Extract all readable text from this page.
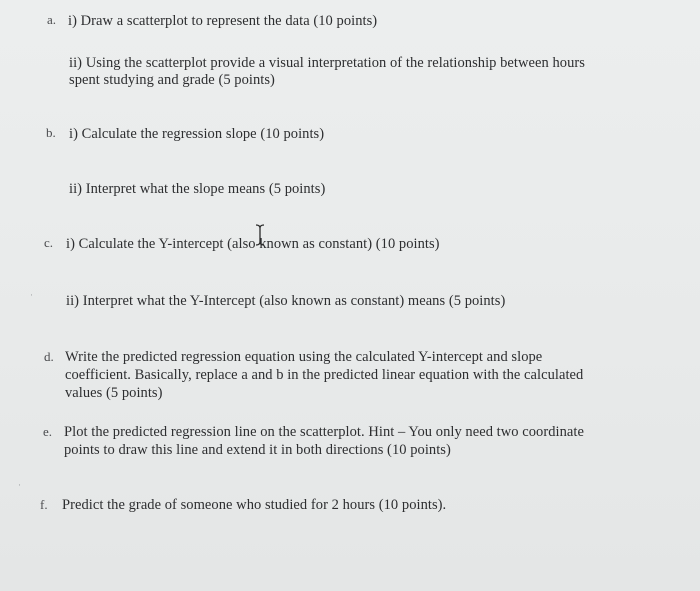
a. i) Draw a scatterplot to represent the data (10 points)
ii) Using the scatterplot provide a visual interpretation of the relationship between hours
spent studying and grade (5 points)
b. i) Calculate the regression slope (10 points)
ii) Interpret what the slope means (5 points)
c. i) Calculate the Y-intercept (also known as constant) (10 points)
ii) Interpret what the Y-Intercept (also known as constant) means (5 points)
·
d. Write the predicted regression equation using the calculated Y-intercept and slope
coefficient. Basically, replace a and b in the predicted linear equation with the calculated
values (5 points)
e. Plot the predicted regression line on the scatterplot. Hint – You only need two coordinate
points to draw this line and extend it in both directions (10 points)
·
f. Predict the grade of someone who studied for 2 hours (10 points).
